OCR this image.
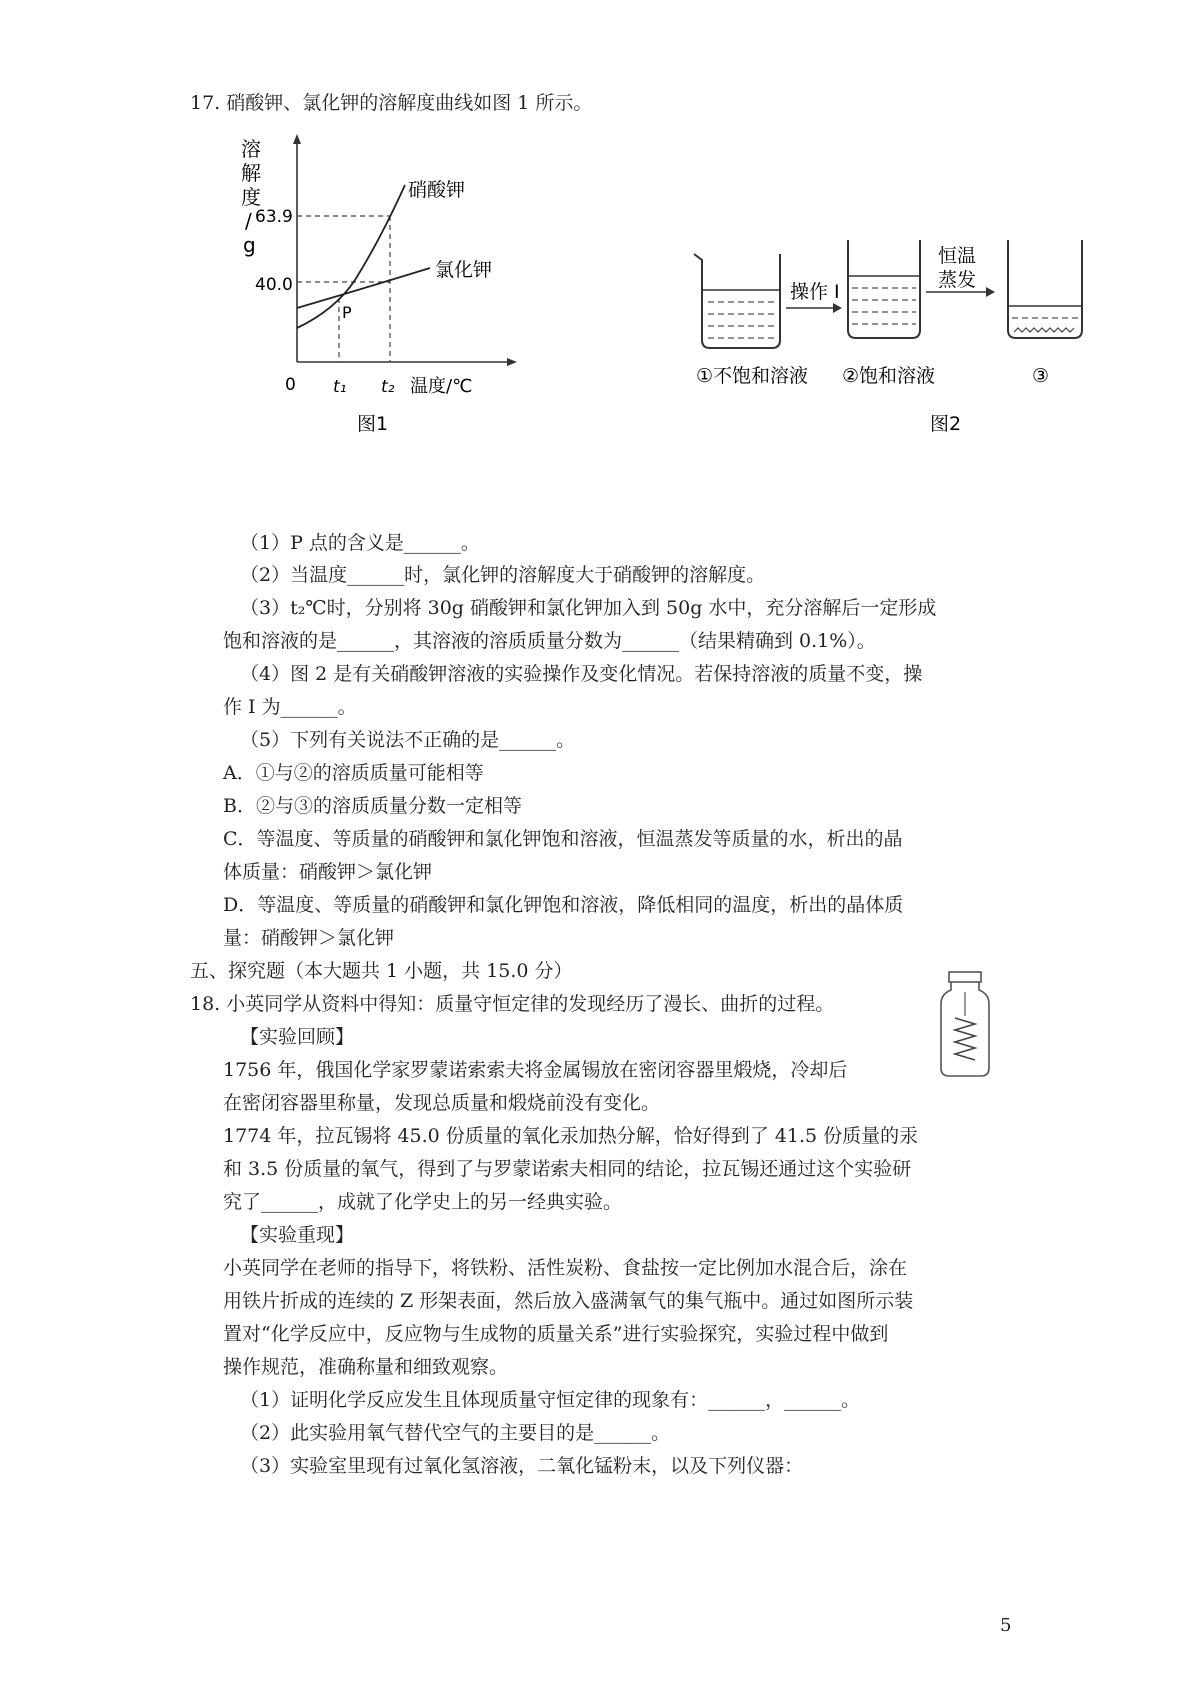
17. 硝酸钾、氯化钾的溶解度曲线如图 1 所示。
溶
解
度
/
g
63.9
40.0
0 t₁ t₂ 温度/℃
硝酸钾
氯化钾
P
图1
操作 I
恒温
蒸发
①不饱和溶液 ②饱和溶液	③
图2
（1）P 点的含义是______。
（2）当温度______时，氯化钾的溶解度大于硝酸钾的溶解度。
（3）t₂℃时，分别将 30g 硝酸钾和氯化钾加入到 50g 水中，充分溶解后一定形成
饱和溶液的是______，其溶液的溶质质量分数为______（结果精确到 0.1%）。
（4）图 2 是有关硝酸钾溶液的实验操作及变化情况。若保持溶液的质量不变，操
作 I 为______。
（5）下列有关说法不正确的是______。
A．①与②的溶质质量可能相等
B．②与③的溶质质量分数一定相等
C．等温度、等质量的硝酸钾和氯化钾饱和溶液，恒温蒸发等质量的水，析出的晶
体质量：硝酸钾＞氯化钾
D．等温度、等质量的硝酸钾和氯化钾饱和溶液，降低相同的温度，析出的晶体质
量：硝酸钾＞氯化钾
五、探究题（本大题共 1 小题，共 15.0 分）
18. 小英同学从资料中得知：质量守恒定律的发现经历了漫长、曲折的过程。
【实验回顾】
1756 年，俄国化学家罗蒙诺索索夫将金属锡放在密闭容器里煅烧，冷却后
在密闭容器里称量，发现总质量和煅烧前没有变化。
1774 年，拉瓦锡将 45.0 份质量的氧化汞加热分解，恰好得到了 41.5 份质量的汞
和 3.5 份质量的氧气，得到了与罗蒙诺索夫相同的结论，拉瓦锡还通过这个实验研
究了______，成就了化学史上的另一经典实验。
【实验重现】
小英同学在老师的指导下，将铁粉、活性炭粉、食盐按一定比例加水混合后，涂在
用铁片折成的连续的 Z 形架表面，然后放入盛满氧气的集气瓶中。通过如图所示装
置对“化学反应中，反应物与生成物的质量关系”进行实验探究，实验过程中做到
操作规范，准确称量和细致观察。
（1）证明化学反应发生且体现质量守恒定律的现象有：______，______。
（2）此实验用氧气替代空气的主要目的是______。
（3）实验室里现有过氧化氢溶液，二氧化锰粉末，以及下列仪器：
5
